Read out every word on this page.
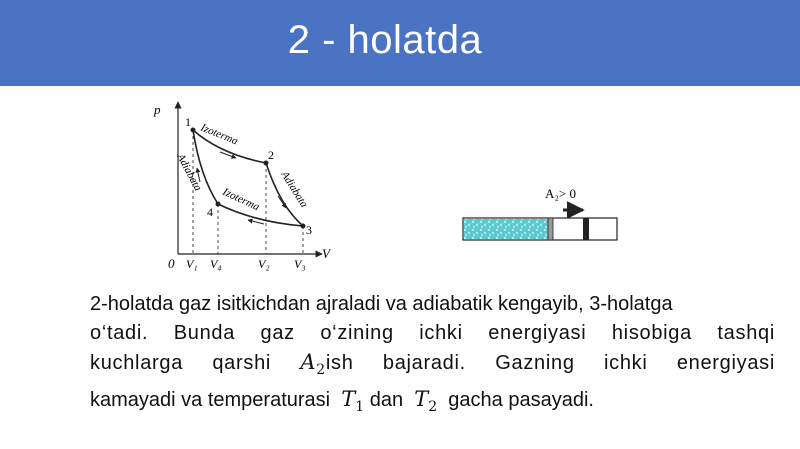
2 - holatda
p
V
0
1
2
3
4
Izoterma
Adiabata
Izoterma Adiabata
V₁ V₄	V₂ V₃
A₂> 0
2-holatda gaz isitkichdan ajraladi va adiabatik kengayib, 3-holatga
o‘tadi. Bunda gaz o‘zining ichki energiyasi hisobiga tashqi
kuchlarga qarshi $A_2ish$ bajaradi. Gazning ichki energiyasi
kamayadi va temperaturasi $T_1$ dan $T_2$ gacha pasayadi.
